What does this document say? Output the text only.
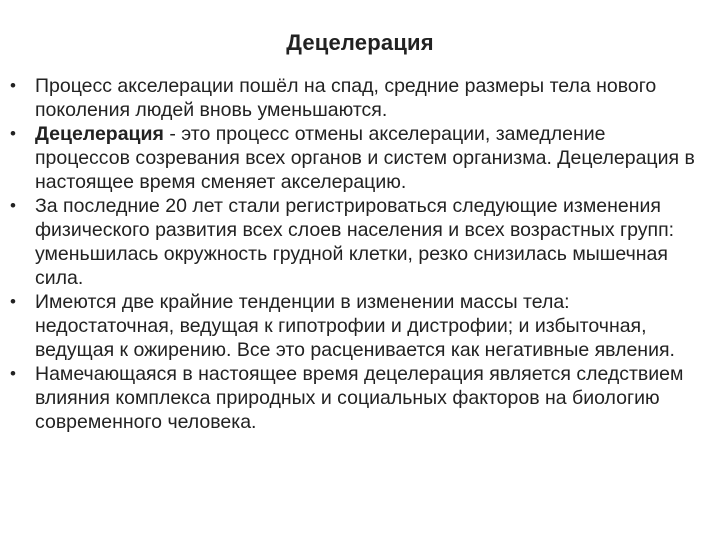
Децелерация
• Процесс акселерации пошёл на спад, средние размеры тела нового поколения людей вновь уменьшаются.
• Децелерация - это процесс отмены акселерации, замедление процессов созревания всех органов и систем организма. Децелерация в настоящее время сменяет акселерацию.
• За последние 20 лет стали регистрироваться следующие изменения физического развития всех слоев населения и всех возрастных групп: уменьшилась окружность грудной клетки, резко снизилась мышечная сила.
• Имеются две крайние тенденции в изменении массы тела: недостаточная, ведущая к гипотрофии и дистрофии; и избыточная, ведущая к ожирению. Все это расценивается как негативные явления.
• Намечающаяся в настоящее время децелерация является следствием влияния комплекса природных и социальных факторов на биологию современного человека.
